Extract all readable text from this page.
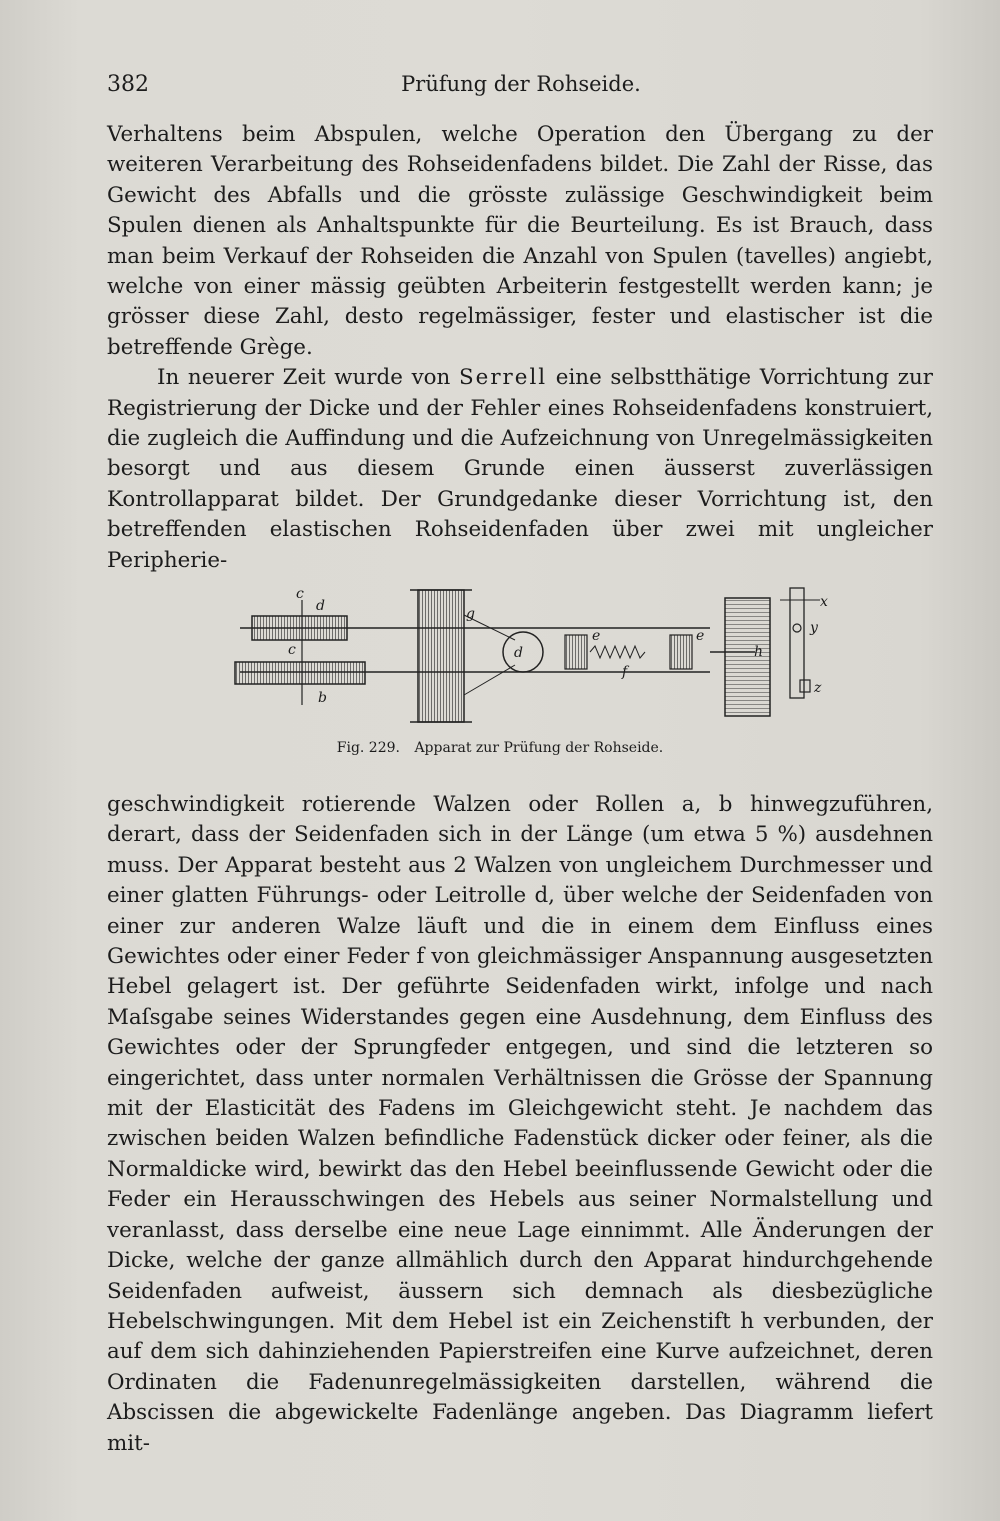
382	Prüfung der Rohseide.

Verhaltens beim Abspulen, welche Operation den Übergang zu der weiteren Verarbeitung des Rohseidenfadens bildet. Die Zahl der Risse, das Gewicht des Abfalls und die grösste zulässige Geschwindigkeit beim Spulen dienen als Anhaltspunkte für die Beurteilung. Es ist Brauch, dass man beim Verkauf der Rohseiden die Anzahl von Spulen (tavelles) angiebt, welche von einer mässig geübten Arbeiterin festgestellt werden kann; je grösser diese Zahl, desto regelmässiger, fester und elastischer ist die betreffende Grège.

In neuerer Zeit wurde von Serrell eine selbstthätige Vorrichtung zur Registrierung der Dicke und der Fehler eines Rohseidenfadens konstruiert, die zugleich die Auffindung und die Aufzeichnung von Unregelmässigkeiten besorgt und aus diesem Grunde einen äusserst zuverlässigen Kontrollapparat bildet. Der Grundgedanke dieser Vorrichtung ist, den betreffenden elastischen Rohseidenfaden über zwei mit ungleicher Peripherie-

c
d
c
b
g
d
e	e
f
h
x
y
z
Fig. 229. Apparat zur Prüfung der Rohseide.

geschwindigkeit rotierende Walzen oder Rollen a, b hinwegzuführen, derart, dass der Seidenfaden sich in der Länge (um etwa 5 %) ausdehnen muss. Der Apparat besteht aus 2 Walzen von ungleichem Durchmesser und einer glatten Führungs- oder Leitrolle d, über welche der Seidenfaden von einer zur anderen Walze läuft und die in einem dem Einfluss eines Gewichtes oder einer Feder f von gleichmässiger Anspannung ausgesetzten Hebel gelagert ist. Der geführte Seidenfaden wirkt, infolge und nach Maſsgabe seines Widerstandes gegen eine Ausdehnung, dem Einfluss des Gewichtes oder der Sprungfeder entgegen, und sind die letzteren so eingerichtet, dass unter normalen Verhältnissen die Grösse der Spannung mit der Elasticität des Fadens im Gleichgewicht steht. Je nachdem das zwischen beiden Walzen befindliche Fadenstück dicker oder feiner, als die Normaldicke wird, bewirkt das den Hebel beeinflussende Gewicht oder die Feder ein Herausschwingen des Hebels aus seiner Normalstellung und veranlasst, dass derselbe eine neue Lage einnimmt. Alle Änderungen der Dicke, welche der ganze allmählich durch den Apparat hindurchgehende Seidenfaden aufweist, äussern sich demnach als diesbezügliche Hebelschwingungen. Mit dem Hebel ist ein Zeichenstift h verbunden, der auf dem sich dahinziehenden Papierstreifen eine Kurve aufzeichnet, deren Ordinaten die Fadenunregelmässigkeiten darstellen, während die Abscissen die abgewickelte Fadenlänge angeben. Das Diagramm liefert mit-
